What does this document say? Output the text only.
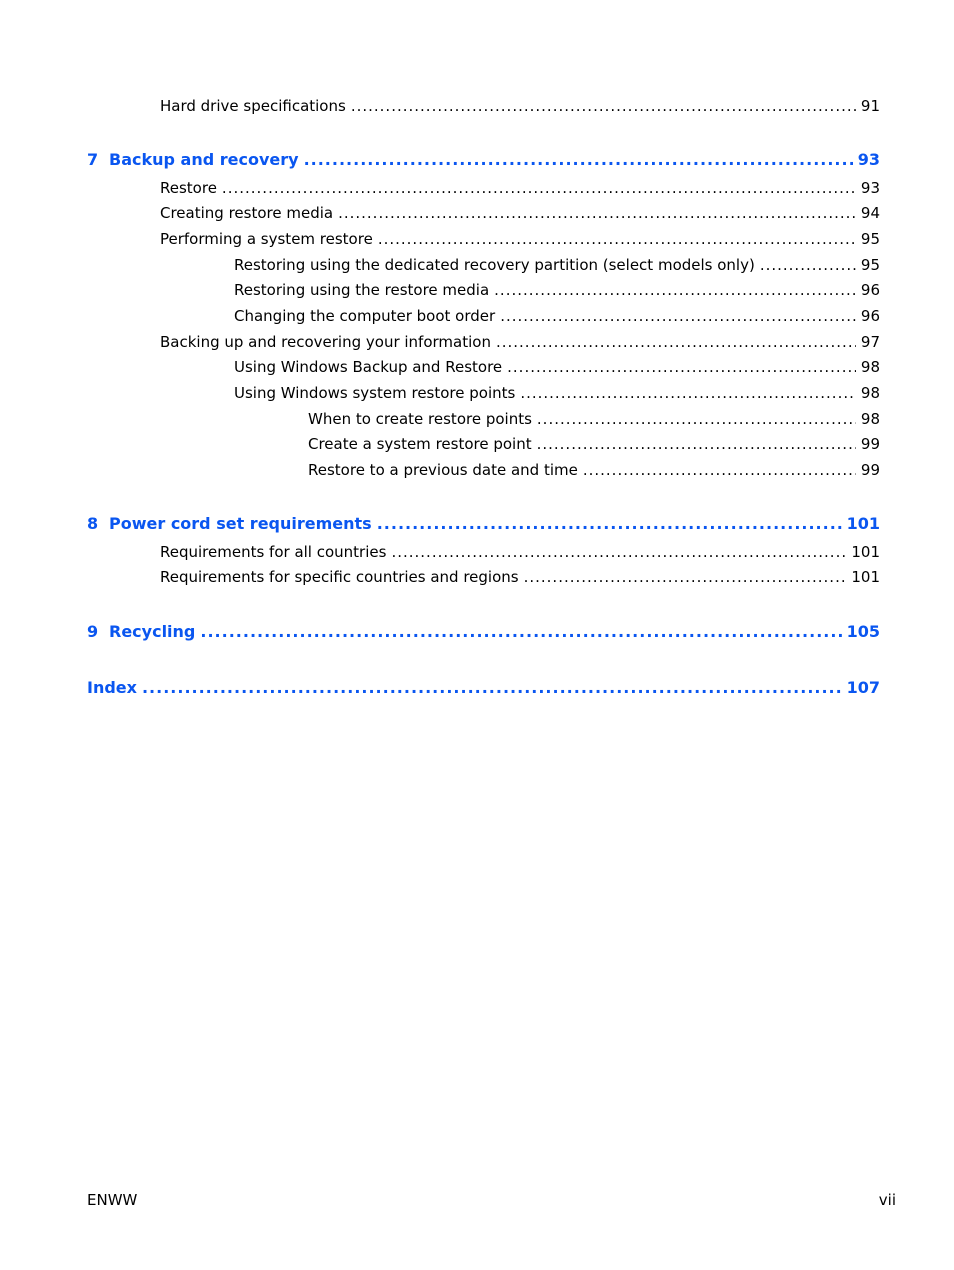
Hard drive specifications .....	91
7 Backup and recovery .....	93
Restore .....	93
Creating restore media .....	94
Performing a system restore .....	95
Restoring using the dedicated recovery partition (select models only) .....	95
Restoring using the restore media .....	96
Changing the computer boot order .....	96
Backing up and recovering your information .....	97
Using Windows Backup and Restore .....	98
Using Windows system restore points .....	98
When to create restore points .....	98
Create a system restore point .....	99
Restore to a previous date and time .....	99
8 Power cord set requirements .....	101
Requirements for all countries .....	101
Requirements for specific countries and regions .....	101
9 Recycling .....	105
Index .....	107
ENWW	vii
